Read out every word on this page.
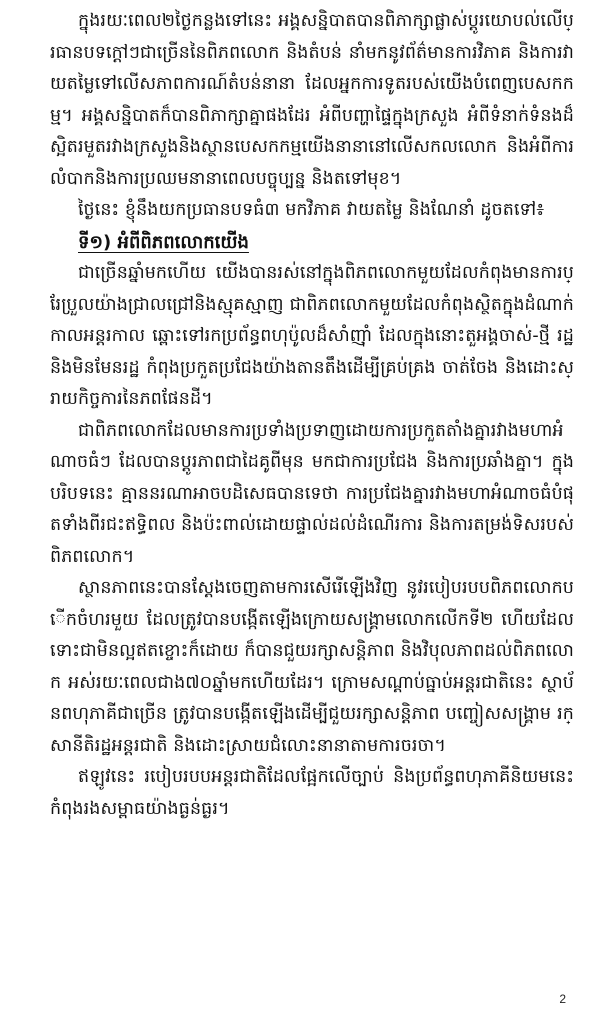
ក្នុងរយៈពេល២ថ្ងៃកន្លងទៅនេះ អង្គសន្និបាតបានពិភាក្សាផ្លាស់ប្ដូរយោបល់លើប្រធានបទក្ដៅៗជាច្រើននៃពិភពលោក និងតំបន់ នាំមកនូវព័ត៌មានការវិភាគ និងការវាយតម្លៃទៅលើសភាពការណ៍តំបន់នានា ដែលអ្នកការទូតរបស់យើងបំពេញបេសកកម្ម។ អង្គសន្និបាតក៏បានពិភាក្សាគ្នាផងដែរ អំពីបញ្ហាផ្ទៃក្នុងក្រសួង អំពីទំនាក់ទំនងដ៏ស្អិតរមួតរវាងក្រសួងនិងស្ថានបេសកកម្មយើងនានានៅលើសកលលោក និងអំពីការលំបាកនិងការប្រឈមនានាពេលបច្ចុប្បន្ន និងតទៅមុខ។

ថ្ងៃនេះ ខ្ញុំនឹងយកប្រធានបទធំ៣ មកវិភាគ វាយតម្លៃ និងណែនាំ ដូចតទៅ៖

ទី១) អំពីពិភពលោកយើង

ជាច្រើនឆ្នាំមកហើយ យើងបានរស់នៅក្នុងពិភពលោកមួយដែលកំពុងមានការប្រែប្រួលយ៉ាងជ្រាលជ្រៅនិងស្មុគស្មាញ ជាពិភពលោកមួយដែលកំពុងស្ថិតក្នុងដំណាក់កាលអន្តរកាល ឆ្ពោះទៅរកប្រព័ន្ធពហុប៉ូលដ៏សាំញ៉ាំ ដែលក្នុងនោះតួអង្គចាស់-ថ្មី រដ្ឋនិងមិនមែនរដ្ឋ កំពុងប្រកួតប្រជែងយ៉ាងតានតឹងដើម្បីគ្រប់គ្រង ចាត់ចែង និងដោះស្រាយកិច្ចការនៃភពផែនដី។

ជាពិភពលោកដែលមានការប្រទាំងប្រទាញដោយការប្រកួតតាំងគ្នារវាងមហាអំណាចធំៗ ដែលបានប្ដូរភាពជាដៃគូពីមុន មកជាការប្រជែង និងការប្រឆាំងគ្នា។ ក្នុងបរិបទនេះ គ្មាននរណាអាចបដិសេធបានទេថា ការប្រជែងគ្នារវាងមហាអំណាចធំបំផុតទាំងពីរជះឥទ្ធិពល និងប៉ះពាល់ដោយផ្ទាល់ដល់ដំណើរការ និងការតម្រង់ទិសរបស់ពិភពលោក។

ស្ថានភាពនេះបានស្ដែងចេញតាមការសើរើឡើងវិញ នូវរបៀបរបបពិភពលោកបើកចំហរមួយ ដែលត្រូវបានបង្កើតឡើងក្រោយសង្គ្រាមលោកលើកទី២ ហើយដែលទោះជាមិនល្អឥតខ្ចោះក៏ដោយ ក៏បានជួយរក្សាសន្តិភាព និងវិបុលភាពដល់ពិភពលោក អស់រយៈពេលជាង៧០ឆ្នាំមកហើយដែរ។ ក្រោមសណ្ដាប់ធ្នាប់អន្តរជាតិនេះ ស្ថាប័នពហុភាគីជាច្រើន ត្រូវបានបង្កើតឡើងដើម្បីជួយរក្សាសន្តិភាព បញ្ចៀសសង្គ្រាម រក្សានីតិរដ្ឋអន្តរជាតិ និងដោះស្រាយជំលោះនានាតាមការចរចា។

ឥឡូវនេះ របៀបរបបអន្តរជាតិដែលផ្អែកលើច្បាប់ និងប្រព័ន្ធពហុភាគីនិយមនេះកំពុងរងសម្ពាធយ៉ាងធ្ងន់ធ្ងរ។

2
